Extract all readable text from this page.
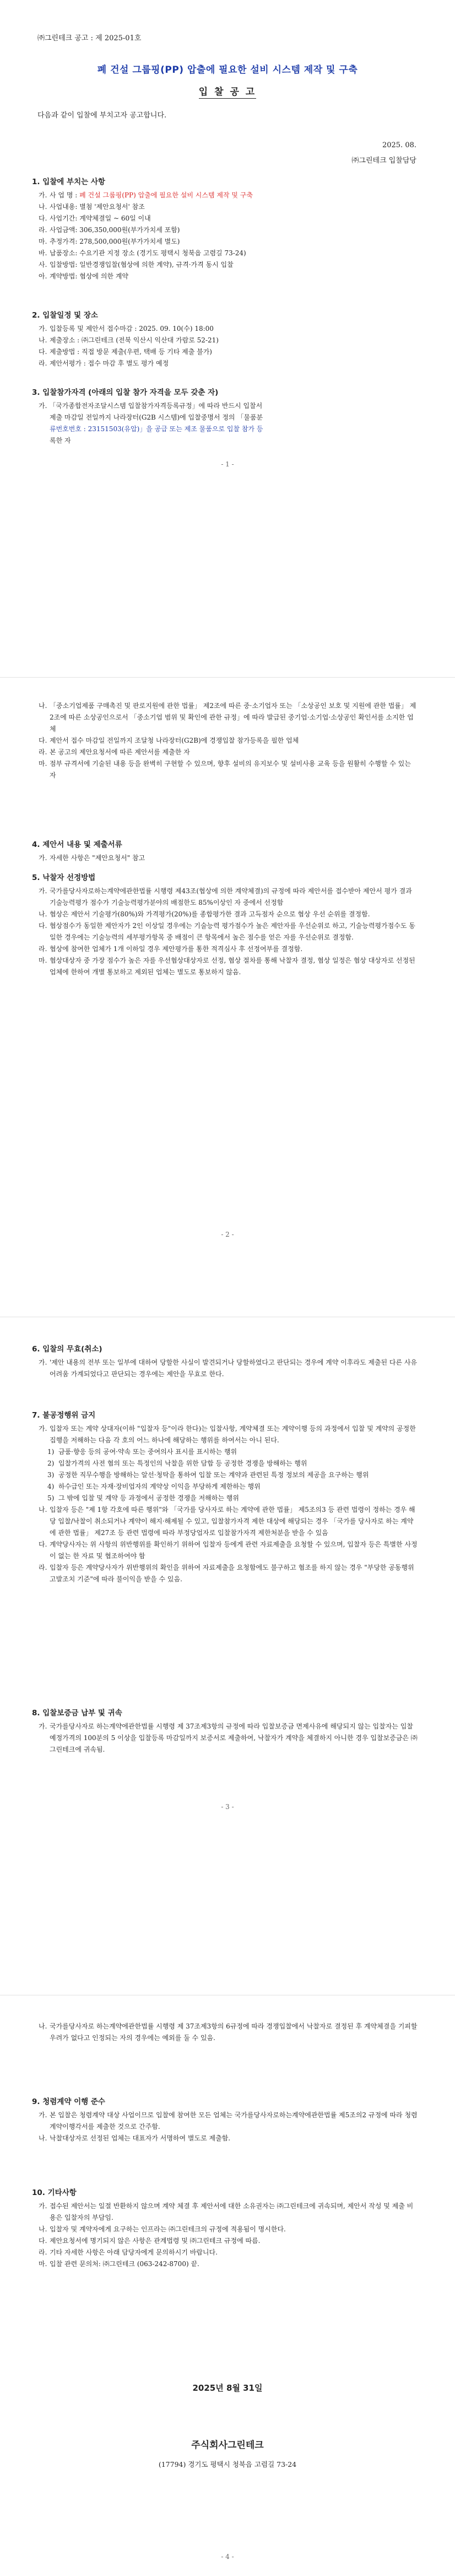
㈜그린테크 공고 : 제 2025-01호
폐 건설 그룹핑(PP) 압출에 필요한 설비 시스템 제작 및 구축
입 찰 공 고
다음과 같이 입찰에 부치고자 공고합니다.
2025. 08.
㈜그린테크 입찰담당
1. 입찰에 부치는 사항
가. 사 업 명 : 폐 건설 그룹핑(PP) 압출에 필요한 설비 시스템 제작 및 구축
나. 사업내용: 별첨 '제안요청서' 참조
다. 사업기간: 계약체결일 ~ 60일 이내
라. 사업금액: 306,350,000원(부가가치세 포함)
마. 추정가격: 278,500,000원(부가가치세 별도)
바. 납품장소: 수요기관 지정 장소 (경기도 평택시 청북읍 고렴길 73-24)
사. 입찰방법: 일반경쟁입찰(협상에 의한 계약), 규격·가격 동시 입찰
아. 계약방법: 협상에 의한 계약
2. 입찰일정 및 장소
가. 입찰등록 및 제안서 접수마감 : 2025. 09. 10(수) 18:00
나. 제출장소 : ㈜그린테크 (전북 익산시 익산대 가람로 52-21)
다. 제출방법 : 직접 방문 제출(우편, 택배 등 기타 제출 불가)
라. 제안서평가 : 접수 마감 후 별도 평가 예정
3. 입찰참가자격 (아래의 입찰 참가 자격을 모두 갖춘 자)

가. 「국가종합전자조달시스템 입찰참가자격등록규정」에 따라 반드시 입찰서

제출 마감일 전일까지 나라장터(G2B 시스템)에 입찰중명서 정의 「물품분

류번호번호 : 23151503(유압)」을 공급 또는 제조 물품으로 입찰 참가 등

록한 자

- 1 -
나. 「중소기업제품 구매촉진 및 판로지원에 관한 법률」 제2조에 따른 중·소기업자 또는 「소상공인 보호 및 지원에 관한 법률」 제 2조에 따른 소상공인으로서 「중소기업 범위 및 확인에 관한 규정」에 따라 발급된 중기업·소기업·소상공인 확인서를 소지한 업체
다. 제안서 접수 마감일 전일까지 조달청 나라장터(G2B)에 경쟁입찰 참가등록을 필한 업체
라. 본 공고의 제안요청서에 따른 제안서를 제출한 자
마. 점부 규격서에 기술된 내용 등을 완벽히 구현할 수 있으며, 향후 설비의 유지보수 및 설비사용 교육 등을 원활히 수행할 수 있는 자
4. 제안서 내용 및 제출서류
가. 자세한 사항은 "제안요청서" 참고
5. 낙찰자 선정방법
가. 국가를당사자로하는계약에관한법률 시행령 제43조(협상에 의한 계약체결)의 규정에 따라 제안서를 접수받아 제안서 평가 결과 기술능력평가 점수가 기술능력평가분야의 배점한도 85%이상인 자 중에서 선정함
나. 협상은 제안서 기술평가(80%)와 가격평가(20%)를 종합평가한 결과 고득점자 순으로 협상 우선 순위를 결정함.
다. 협상점수가 동일한 제안자가 2인 이상일 경우에는 기술능력 평가점수가 높은 제안자를 우선순위로 하고, 기술능력평가점수도 동일한 경우에는 기술능력의 세부평가항목 중 배점이 큰 항목에서 높은 점수를 얻은 자를 우선순위로 결정함.
라. 협상에 참여한 업체가 1개 이하일 경우 제안평가를 통한 적격심사 후 선정여부를 결정함.
마. 협상대상자 중 가장 점수가 높은 자를 우선협상대상자로 선정, 협상 절차를 통해 낙찰자 결정, 협상 일정은 협상 대상자로 선정된 업체에 한하여 개별 통보하고 제외된 업체는 별도로 통보하지 않음.
- 2 -
6. 입찰의 무효(취소)
가. '제안 내용의 전부 또는 일부에 대하여 당할한 사실이 발견되거나 당할하였다고 판단되는 경우에 계약 이후라도 제출된 다른 사유 어려움 가계되었다고 판단되는 경우에는 제안을 무효로 한다.
7. 불공정행위 금지
가. 입찰자 또는 계약 상대자(이하 "입찰자 등"이라 한다)는 입찰사항, 계약체결 또는 계약이행 등의 과정에서 입찰 및 계약의 공정한 집행을 저해하는 다음 각 호의 어느 하나에 해당하는 행위를 하여서는 아니 된다.
1) 금품·향응 등의 공여·약속 또는 중여의사 표시를 표시하는 행위
2) 입찰가격의 사전 협의 또는 특정인의 낙찰을 위한 담합 등 공정한 경쟁을 방해하는 행위
3) 공정한 직무수행을 방해하는 알선·청탁을 통하여 입찰 또는 계약과 관련된 특정 정보의 제공을 요구하는 행위
4) 하수급인 또는 자재·장비업자의 계약상 이익을 부당하게 제한하는 행위
5) 그 밖에 입찰 및 계약 등 과정에서 공정한 경쟁을 저해하는 행위
나. 입찰자 등은 "제 1항 각호에 따른 행위"와 「국가를 당사자로 하는 계약에 관한 법률」 제5조의3 등 관련 법령이 정하는 경우 해당 입찰/낙찰이 취소되거나 계약이 해지·해제될 수 있고, 입찰참가자격 제한 대상에 해당되는 경우 「국가를 당사자로 하는 계약에 관한 법률」 제27조 등 관련 법령에 따라 부정당업자로 입찰참가자격 제한처분을 받을 수 있음
다. 계약당사자는 위 사항의 위반행위를 확인하기 위하여 입찰자 등에게 관련 자료제출을 요청할 수 있으며, 입찰자 등은 특별한 사정이 없는 한 자료 및 협조하여야 함
라. 입찰자 등은 계약당사자가 위반행위의 확인을 위하여 자료제출을 요청함에도 불구하고 협조를 하지 않는 경우 "부당한 공동행위 고발조치 기준"에 따라 불이익을 받을 수 있음.
8. 입찰보증금 납부 및 귀속
가. 국가를당사자로 하는계약에관한법률 시행령 제 37조제3항의 규정에 따라 입찰보증금 면제사유에 해당되지 않는 입찰자는 입찰예정가격의 100분의 5 이상을 입찰등록 마감일까지 보증서로 제출하여, 낙찰자가 계약을 체결하지 아니한 경우 입찰보증금은 ㈜그린테크에 귀속됨.
- 3 -
나. 국가를당사자로 하는계약에관한법률 시행령 제 37조제3항의 6규정에 따라 경쟁입찰에서 낙찰자로 결정된 후 계약체결을 기피할 우려가 없다고 인정되는 자의 경우에는 예외를 둘 수 있음.
9. 청렴계약 이행 준수
가. 본 입찰은 청렴계약 대상 사업이므로 입찰에 참여한 모든 업체는 국가를당사자로하는계약에관한법률 제5조의2 규정에 따라 청렴계약이행각서를 제출한 것으로 간주함.
나. 낙찰대상자로 선정된 업체는 대표자가 서명하여 별도로 제출함.
10. 기타사항
가. 접수된 제안서는 일절 반환하지 않으며 계약 체결 후 제안서에 대한 소유권자는 ㈜그린테크에 귀속되며, 제안서 작성 및 제출 비용은 입찰자의 부담임.
나. 입찰자 및 계약자에게 요구하는 인프라는 ㈜그린테크의 규정에 적용됨이 명시한다.
다. 제안요청서에 명기되지 않은 사항은 관계법령 및 ㈜그린테크 규정에 따름.
라. 기타 자세한 사항은 아래 담당자에게 문의하시기 바랍니다.
마. 입찰 관련 문의처: ㈜그린테크 (063-242-8700) 끝.
2025년 8월 31일
주식회사그린테크
(17794) 경기도 평택시 청북읍 고렴길 73-24
- 4 -
